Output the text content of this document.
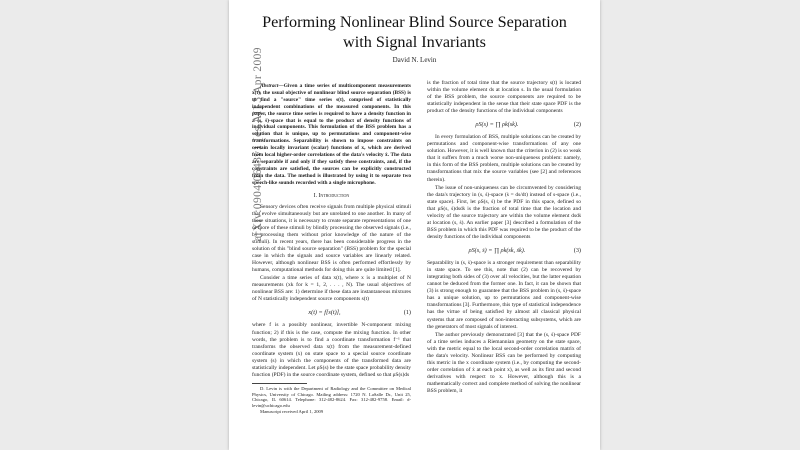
arXiv:0904.0643v1 [cs.AI] 3 Apr 2009
Performing Nonlinear Blind Source Separation
with Signal Invariants
David N. Levin

Abstract—Given a time series of multicomponent measurements x(t), the usual objective of nonlinear blind source separation (BSS) is to find a "source" time series s(t), comprised of statistically independent combinations of the measured components. In this paper, the source time series is required to have a density function in a (s, ṡ)-space that is equal to the product of density functions of individual components. This formulation of the BSS problem has a solution that is unique, up to permutations and component-wise transformations. Separability is shown to impose constraints on certain locally invariant (scalar) functions of x, which are derived from local higher-order correlations of the data's velocity ẋ. The data are separable if and only if they satisfy these constraints, and, if the constraints are satisfied, the sources can be explicitly constructed from the data. The method is illustrated by using it to separate two speech-like sounds recorded with a single microphone.

I. Introduction

Sensory devices often receive signals from multiple physical stimuli that evolve simultaneously but are unrelated to one another. In many of these situations, it is necessary to create separate representations of one or more of these stimuli by blindly processing the observed signals (i.e., by processing them without prior knowledge of the nature of the stimuli). In recent years, there has been considerable progress in the solution of this "blind source separation" (BSS) problem for the special case in which the signals and source variables are linearly related. However, although nonlinear BSS is often performed effortlessly by humans, computational methods for doing this are quite limited [1].

Consider a time series of data x(t), where x is a multiplet of N measurements (xk for k = 1, 2, . . . , N). The usual objectives of nonlinear BSS are: 1) determine if these data are instantaneous mixtures of N statistically independent source components s(t)

x(t) = f[s(t)],	(1)

where f is a possibly nonlinear, invertible N-component mixing function; 2) if this is the case, compute the mixing function. In other words, the problem is to find a coordinate transformation f⁻¹ that transforms the observed data x(t) from the measurement-defined coordinate system (x) on state space to a special source coordinate system (s) in which the components of the transformed data are statistically independent. Let ρS(s) be the state space probability density function (PDF) in the source coordinate system, defined so that ρS(s)ds

D. Levin is with the Department of Radiology and the Committee on Medical Physics, University of Chicago. Mailing address: 1720 N. LaSalle Dr., Unit 25, Chicago, IL 60614. Telephone: 312-482-8624. Fax: 312-482-9758. Email: d-levin@uchicago.edu

Manuscript received April 1, 2009

is the fraction of total time that the source trajectory s(t) is located within the volume element ds at location s. In the usual formulation of the BSS problem, the source components are required to be statistically independent in the sense that their state space PDF is the product of the density functions of the individual components

ρS(s) = ∏ ρk(sk).	(2)

In every formulation of BSS, multiple solutions can be created by permutations and component-wise transformations of any one solution. However, it is well known that the criterion in (2) is so weak that it suffers from a much worse non-uniqueness problem: namely, in this form of the BSS problem, multiple solutions can be created by transformations that mix the source variables (see [2] and references therein).

The issue of non-uniqueness can be circumvented by considering the data's trajectory in (s, ṡ)-space (ṡ = ds/dt) instead of s-space (i.e., state space). First, let ρS(s, ṡ) be the PDF in this space, defined so that ρS(s, ṡ)dsdṡ is the fraction of total time that the location and velocity of the source trajectory are within the volume element dsdṡ at location (s, ṡ). An earlier paper [3] described a formulation of the BSS problem in which this PDF was required to be the product of the density functions of the individual components

ρS(s, ṡ) = ∏ ρk(sk, ṡk).	(3)

Separability in (s, ṡ)-space is a stronger requirement than separability in state space. To see this, note that (2) can be recovered by integrating both sides of (3) over all velocities, but the latter equation cannot be deduced from the former one. In fact, it can be shown that (3) is strong enough to guarantee that the BSS problem in (s, ṡ)-space has a unique solution, up to permutations and component-wise transformations [3]. Furthermore, this type of statistical independence has the virtue of being satisfied by almost all classical physical systems that are composed of non-interacting subsystems, which are the generators of most signals of interest.

The author previously demonstrated [3] that the (s, ṡ)-space PDF of a time series induces a Riemannian geometry on the state space, with the metric equal to the local second-order correlation matrix of the data's velocity. Nonlinear BSS can be performed by computing this metric in the x coordinate system (i.e., by computing the second-order correlation of ẋ at each point x), as well as its first and second derivatives with respect to x. However, although this is a mathematically correct and complete method of solving the nonlinear BSS problem, it
